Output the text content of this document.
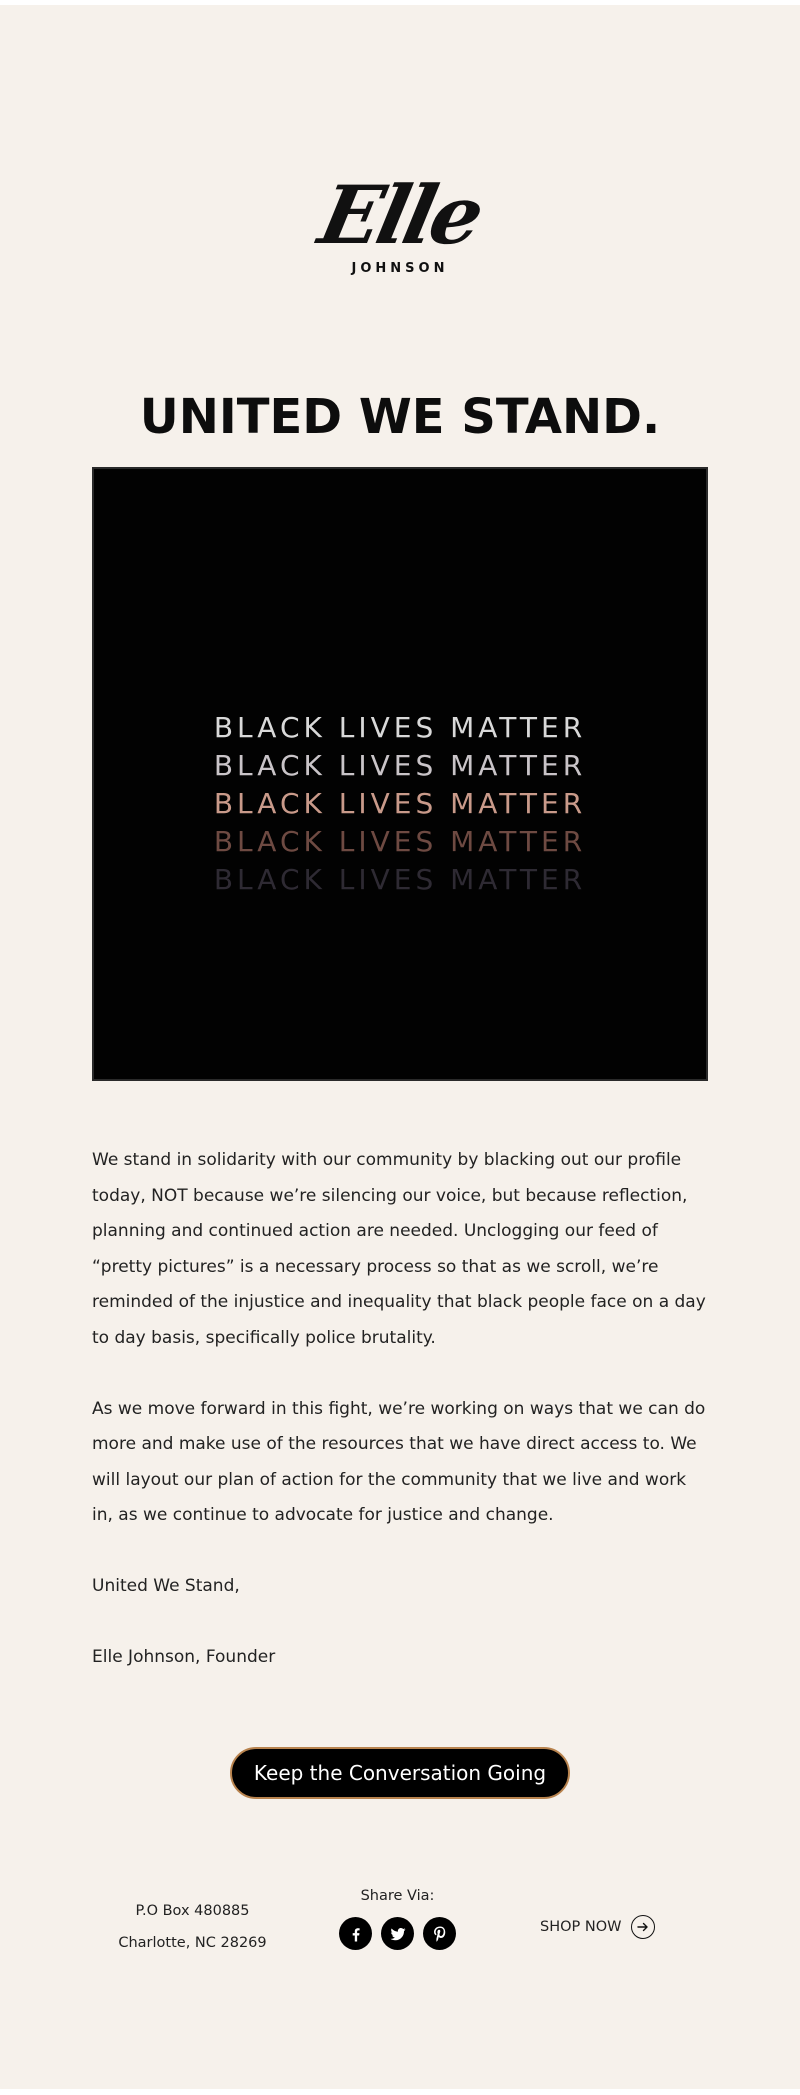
Elle
JOHNSON
UNITED WE STAND.
BLACK LIVES MATTER
BLACK LIVES MATTER
BLACK LIVES MATTER
BLACK LIVES MATTER
BLACK LIVES MATTER

We stand in solidarity with our community by blacking out our profile today, NOT because we’re silencing our voice, but because reflection, planning and continued action are needed. Unclogging our feed of “pretty pictures” is a necessary process so that as we scroll, we’re reminded of the injustice and inequality that black people face on a day to day basis, specifically police brutality.

As we move forward in this fight, we’re working on ways that we can do more and make use of the resources that we have direct access to. We will layout our plan of action for the community that we live and work in, as we continue to advocate for justice and change.

United We Stand,

Elle Johnson, Founder

Keep the Conversation Going
P.O Box 480885
Charlotte, NC 28269
Share Via:
SHOP NOW
